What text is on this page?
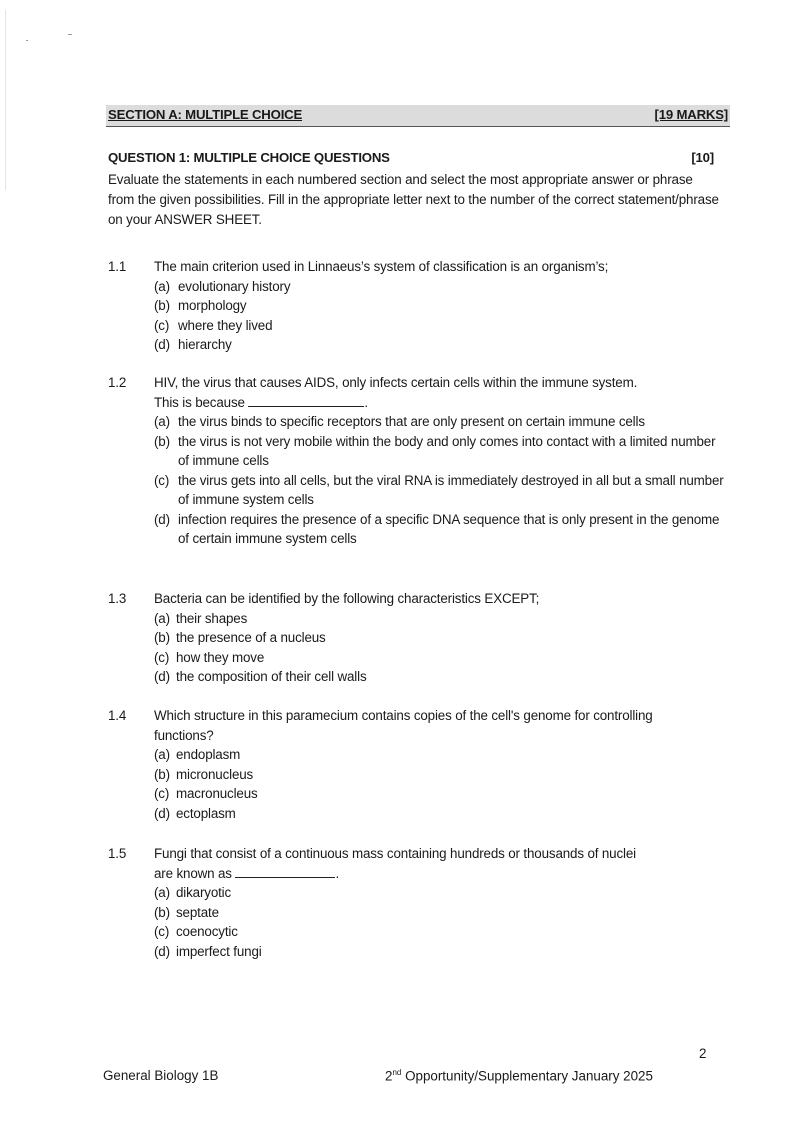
SECTION A: MULTIPLE CHOICE	[19 MARKS]
QUESTION 1: MULTIPLE CHOICE QUESTIONS	[10]
Evaluate the statements in each numbered section and select the most appropriate answer or phrase from the given possibilities. Fill in the appropriate letter next to the number of the correct statement/phrase on your ANSWER SHEET.
1.1 The main criterion used in Linnaeus’s system of classification is an organism’s;
(a) evolutionary history
(b) morphology
(c) where they lived
(d) hierarchy
1.2 HIV, the virus that causes AIDS, only infects certain cells within the immune system.
This is because	.
(a) the virus binds to specific receptors that are only present on certain immune cells
(b) the virus is not very mobile within the body and only comes into contact with a limited number of immune cells
(c) the virus gets into all cells, but the viral RNA is immediately destroyed in all but a small number of immune system cells
(d) infection requires the presence of a specific DNA sequence that is only present in the genome of certain immune system cells
1.3 Bacteria can be identified by the following characteristics EXCEPT;
(a) their shapes
(b) the presence of a nucleus
(c) how they move
(d) the composition of their cell walls
1.4 Which structure in this paramecium contains copies of the cell's genome for controlling functions?
(a) endoplasm
(b) micronucleus
(c) macronucleus
(d) ectoplasm
1.5 Fungi that consist of a continuous mass containing hundreds or thousands of nuclei
are known as	.
(a) dikaryotic
(b) septate
(c) coenocytic
(d) imperfect fungi
2
General Biology 1B	2nd Opportunity/Supplementary January 2025
